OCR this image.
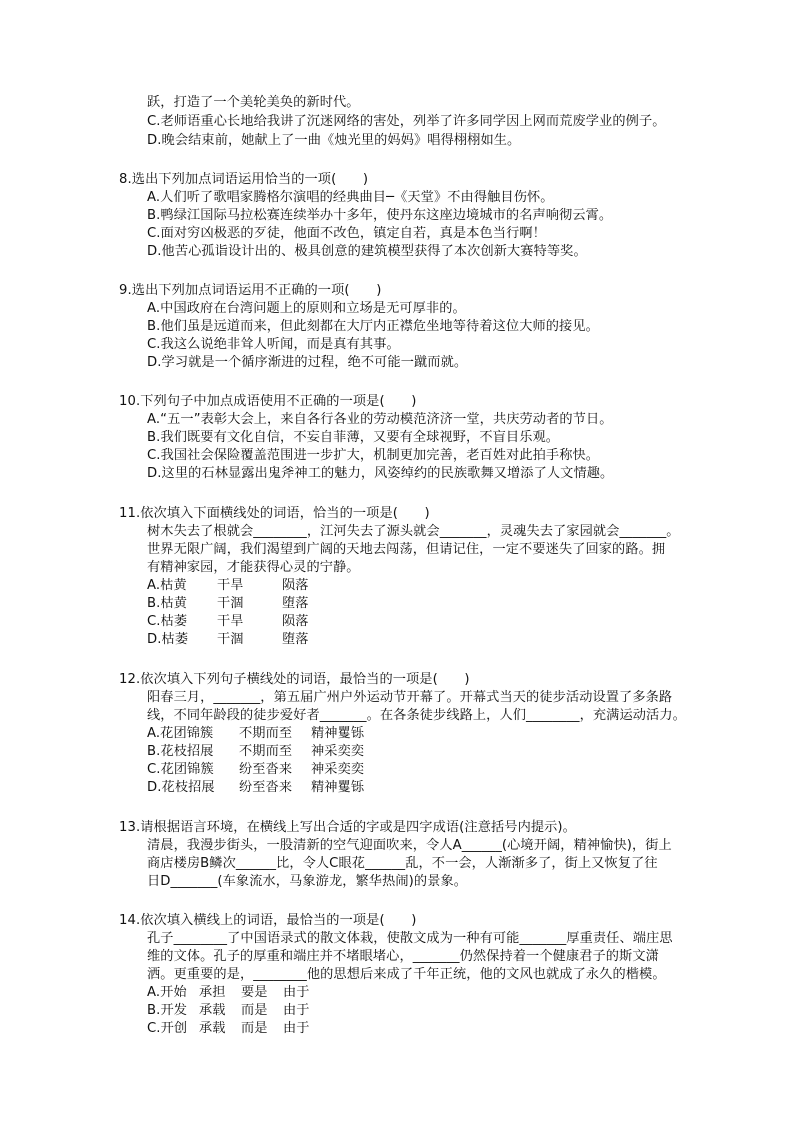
跃，打造了一个美轮美奂的新时代。
C.老师语重心长地给我讲了沉迷网络的害处，列举了许多同学因上网而荒废学业的例子。
D.晚会结束前，她献上了一曲《烛光里的妈妈》唱得栩栩如生。
8.选出下列加点词语运用恰当的一项(　　)
A.人们听了歌唱家腾格尔演唱的经典曲目─《天堂》不由得触目伤怀。
B.鸭绿江国际马拉松赛连续举办十多年，使丹东这座边境城市的名声响彻云霄。
C.面对穷凶极恶的歹徒，他面不改色，镇定自若，真是本色当行啊！
D.他苦心孤诣设计出的、极具创意的建筑模型获得了本次创新大赛特等奖。
9.选出下列加点词语运用不正确的一项(　　)
A.中国政府在台湾问题上的原则和立场是无可厚非的。
B.他们虽是远道而来，但此刻都在大厅内正襟危坐地等待着这位大师的接见。
C.我这么说绝非耸人听闻，而是真有其事。
D.学习就是一个循序渐进的过程，绝不可能一蹴而就。
10.下列句子中加点成语使用不正确的一项是(　　)
A.“五一”表彰大会上，来自各行各业的劳动模范济济一堂，共庆劳动者的节日。
B.我们既要有文化自信，不妄自菲薄，又要有全球视野，不盲目乐观。
C.我国社会保险覆盖范围进一步扩大，机制更加完善，老百姓对此拍手称快。
D.这里的石林显露出鬼斧神工的魅力，风姿绰约的民族歌舞又增添了人文情趣。
11.依次填入下面横线处的词语，恰当的一项是(　　)
树木失去了根就会________，江河失去了源头就会_______，灵魂失去了家园就会_______。
世界无限广阔，我们渴望到广阔的天地去闯荡，但请记住，一定不要迷失了回家的路。拥
有精神家园，才能获得心灵的宁静。
A.枯黄 干旱	陨落
B.枯黄 干涸	堕落
C.枯萎 干旱	陨落
D.枯萎 干涸	堕落
12.依次填入下列句子横线处的词语，最恰当的一项是(　　)
阳春三月，_______，第五届广州户外运动节开幕了。开幕式当天的徒步活动设置了多条路
线，不同年龄段的徒步爱好者_______。在各条徒步线路上，人们________，充满运动活力。
A.花团锦簇 不期而至 精神矍铄
B.花枝招展 不期而至 神采奕奕
C.花团锦簇 纷至沓来 神采奕奕
D.花枝招展 纷至沓来 精神矍铄
13.请根据语言环境，在横线上写出合适的字或是四字成语(注意括号内提示)。
清晨，我漫步街头，一股清新的空气迎面吹来，令人A______(心境开阔，精神愉快)，街上
商店楼房B鳞次______比，令人C眼花______乱，不一会，人渐渐多了，街上又恢复了往
日D_______(车象流水，马象游龙，繁华热闹)的景象。
14.依次填入横线上的词语，最恰当的一项是(　　)
孔子________了中国语录式的散文体栽，使散文成为一种有可能_______厚重责任、端庄思
维的文体。孔子的厚重和端庄并不堵眼堵心，_______仍然保持着一个健康君子的斯文潇
洒。更重要的是，________他的思想后来成了千年正统，他的文风也就成了永久的楷模。
A.开始 承担 要是 由于
B.开发 承载 而是 由于
C.开创 承载 而是 由于
